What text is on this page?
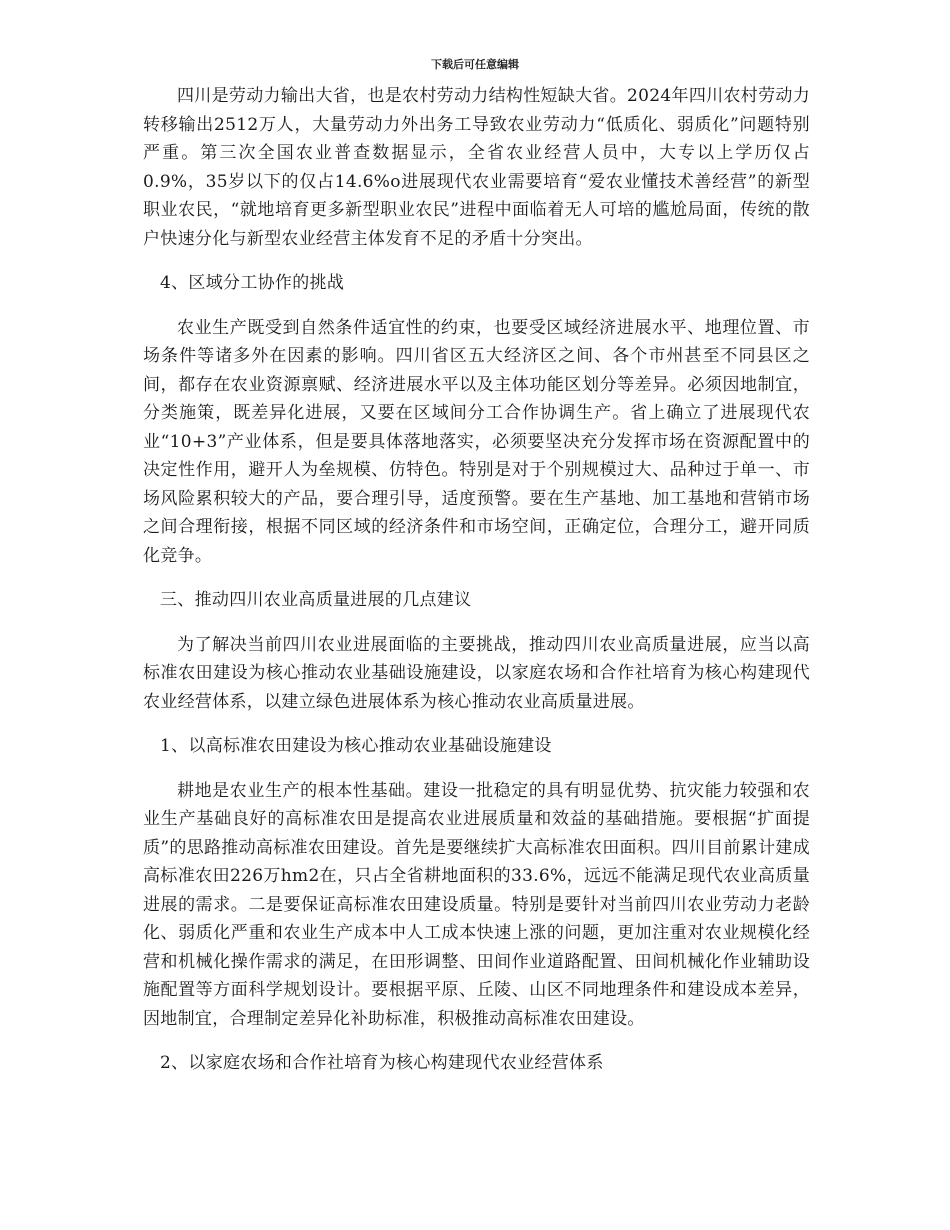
下载后可任意编辑

四川是劳动力输出大省，也是农村劳动力结构性短缺大省。2024年四川农村劳动力转移输出2512万人，大量劳动力外出务工导致农业劳动力“低质化、弱质化”问题特别严重。第三次全国农业普查数据显示，全省农业经营人员中，大专以上学历仅占0.9%，35岁以下的仅占14.6%o进展现代农业需要培育“爱农业懂技术善经营”的新型职业农民，“就地培育更多新型职业农民”进程中面临着无人可培的尴尬局面，传统的散户快速分化与新型农业经营主体发育不足的矛盾十分突出。

4、区域分工协作的挑战

农业生产既受到自然条件适宜性的约束，也要受区域经济进展水平、地理位置、市场条件等诸多外在因素的影响。四川省区五大经济区之间、各个市州甚至不同县区之间，都存在农业资源禀赋、经济进展水平以及主体功能区划分等差异。必须因地制宜，分类施策，既差异化进展，又要在区域间分工合作协调生产。省上确立了进展现代农业“10+3”产业体系，但是要具体落地落实，必须要坚决充分发挥市场在资源配置中的决定性作用，避开人为垒规模、仿特色。特别是对于个别规模过大、品种过于单一、市场风险累积较大的产品，要合理引导，适度预警。要在生产基地、加工基地和营销市场之间合理衔接，根据不同区域的经济条件和市场空间，正确定位，合理分工，避开同质化竞争。

三、推动四川农业高质量进展的几点建议

为了解决当前四川农业进展面临的主要挑战，推动四川农业高质量进展，应当以高标准农田建设为核心推动农业基础设施建设，以家庭农场和合作社培育为核心构建现代农业经营体系，以建立绿色进展体系为核心推动农业高质量进展。

1、以高标准农田建设为核心推动农业基础设施建设

耕地是农业生产的根本性基础。建设一批稳定的具有明显优势、抗灾能力较强和农业生产基础良好的高标准农田是提高农业进展质量和效益的基础措施。要根据“扩面提质”的思路推动高标准农田建设。首先是要继续扩大高标准农田面积。四川目前累计建成高标准农田226万hm2在，只占全省耕地面积的33.6%，远远不能满足现代农业高质量进展的需求。二是要保证高标准农田建设质量。特别是要针对当前四川农业劳动力老龄化、弱质化严重和农业生产成本中人工成本快速上涨的问题，更加注重对农业规模化经营和机械化操作需求的满足，在田形调整、田间作业道路配置、田间机械化作业辅助设施配置等方面科学规划设计。要根据平原、丘陵、山区不同地理条件和建设成本差异，因地制宜，合理制定差异化补助标准，积极推动高标准农田建设。

2、以家庭农场和合作社培育为核心构建现代农业经营体系
